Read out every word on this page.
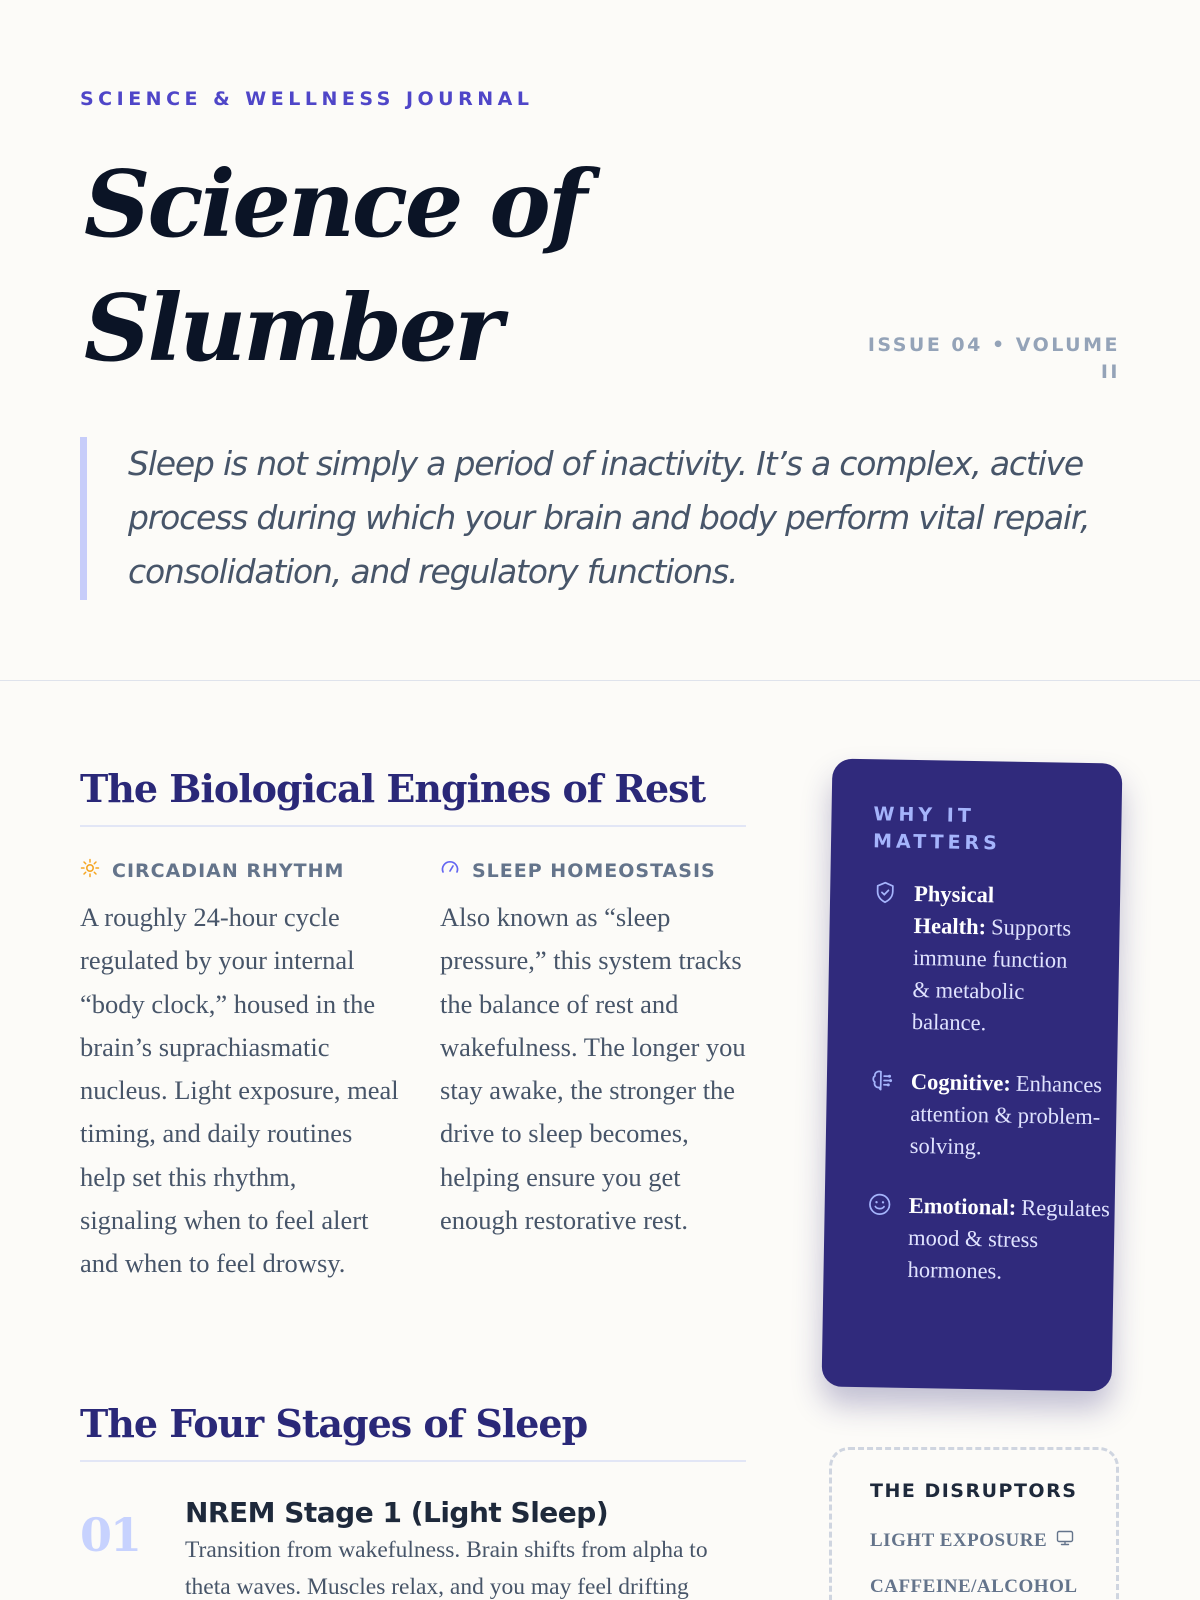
SCIENCE & WELLNESS JOURNAL
Science of Slumber	ISSUE 04 • VOLUME II

Sleep is not simply a period of inactivity. It’s a complex, active process during which your brain and body perform vital repair, consolidation, and regulatory functions.

The Biological Engines of Rest
CIRCADIAN RHYTHM

A roughly 24-hour cycle regulated by your internal “body clock,” housed in the brain’s suprachiasmatic nucleus. Light exposure, meal timing, and daily routines help set this rhythm, signaling when to feel alert and when to feel drowsy.

SLEEP HOMEOSTASIS

Also known as “sleep pressure,” this system tracks the balance of rest and wakefulness. The longer you stay awake, the stronger the drive to sleep becomes, helping ensure you get enough restorative rest.

WHY IT MATTERS
Physical Health: Supports immune function & metabolic balance.
Cognitive: Enhances attention & problem-solving.
Emotional: Regulates mood & stress hormones.
The Four Stages of Sleep
01 NREM Stage 1 (Light Sleep)

Transition from wakefulness. Brain shifts from alpha to theta waves. Muscles relax, and you may feel drifting

THE DISRUPTORS
LIGHT EXPOSURE
CAFFEINE/ALCOHOL
